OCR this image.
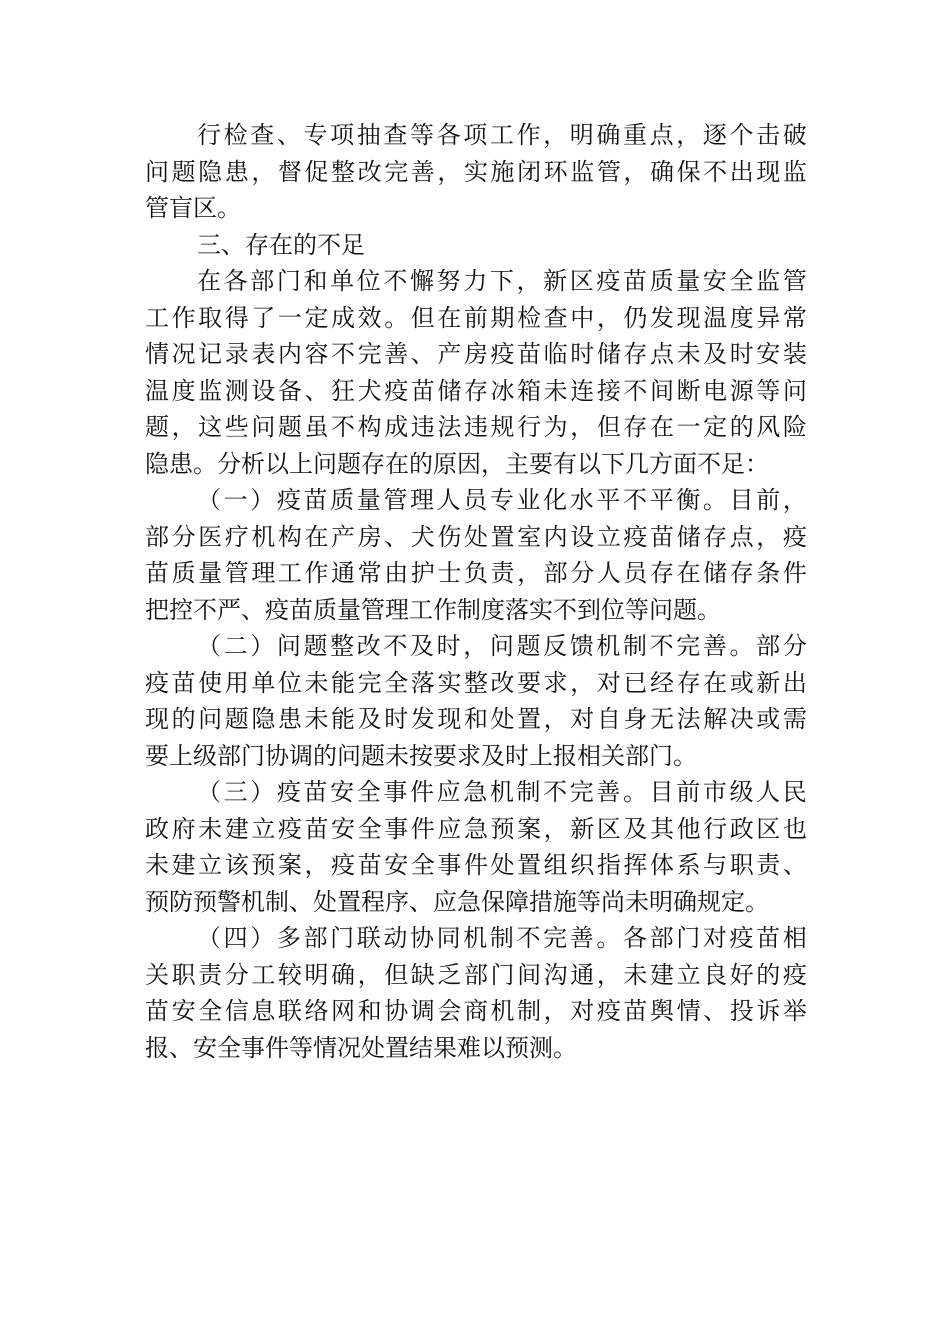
行 检 查 、 专 项 抽 查 等 各 项 工 作 ， 明 确 重 点 ， 逐 个 击 破
问 题 隐 患 ， 督 促 整 改 完 善 ， 实 施 闭 环 监 管 ， 确 保 不 出 现 监
管盲区。
三、存在的不足
在 各 部 门 和 单 位 不 懈 努 力 下 ， 新 区 疫 苗 质 量 安 全 监 管
工 作 取 得 了 一 定 成 效 。 但 在 前 期 检 查 中 ， 仍 发 现 温 度 异 常
情 况 记 录 表 内 容 不 完 善 、 产 房 疫 苗 临 时 储 存 点 未 及 时 安 装
温 度 监 测 设 备 、 狂 犬 疫 苗 储 存 冰 箱 未 连 接 不 间 断 电 源 等 问
题 ， 这 些 问 题 虽 不 构 成 违 法 违 规 行 为 ， 但 存 在 一 定 的 风 险
隐患。分析以上问题存在的原因，主要有以下几方面不足：
（ 一 ） 疫 苗 质 量 管 理 人 员 专 业 化 水 平 不 平 衡 。 目 前 ，
部 分 医 疗 机 构 在 产 房 、 犬 伤 处 置 室 内 设 立 疫 苗 储 存 点 ， 疫
苗 质 量 管 理 工 作 通 常 由 护 士 负 责 ， 部 分 人 员 存 在 储 存 条 件
把控不严、疫苗质量管理工作制度落实不到位等问题。
（ 二 ） 问 题 整 改 不 及 时 ， 问 题 反 馈 机 制 不 完 善 。 部 分
疫 苗 使 用 单 位 未 能 完 全 落 实 整 改 要 求 ， 对 已 经 存 在 或 新 出
现 的 问 题 隐 患 未 能 及 时 发 现 和 处 置 ， 对 自 身 无 法 解 决 或 需
要上级部门协调的问题未按要求及时上报相关部门。
（ 三 ） 疫 苗 安 全 事 件 应 急 机 制 不 完 善 。 目 前 市 级 人 民
政 府 未 建 立 疫 苗 安 全 事 件 应 急 预 案 ， 新 区 及 其 他 行 政 区 也
未 建 立 该 预 案 ， 疫 苗 安 全 事 件 处 置 组 织 指 挥 体 系 与 职 责 、
预防预警机制、处置程序、应急保障措施等尚未明确规定。
（ 四 ） 多 部 门 联 动 协 同 机 制 不 完 善 。 各 部 门 对 疫 苗 相
关 职 责 分 工 较 明 确 ， 但 缺 乏 部 门 间 沟 通 ， 未 建 立 良 好 的 疫
苗 安 全 信 息 联 络 网 和 协 调 会 商 机 制 ， 对 疫 苗 舆 情 、 投 诉 举
报、安全事件等情况处置结果难以预测。
